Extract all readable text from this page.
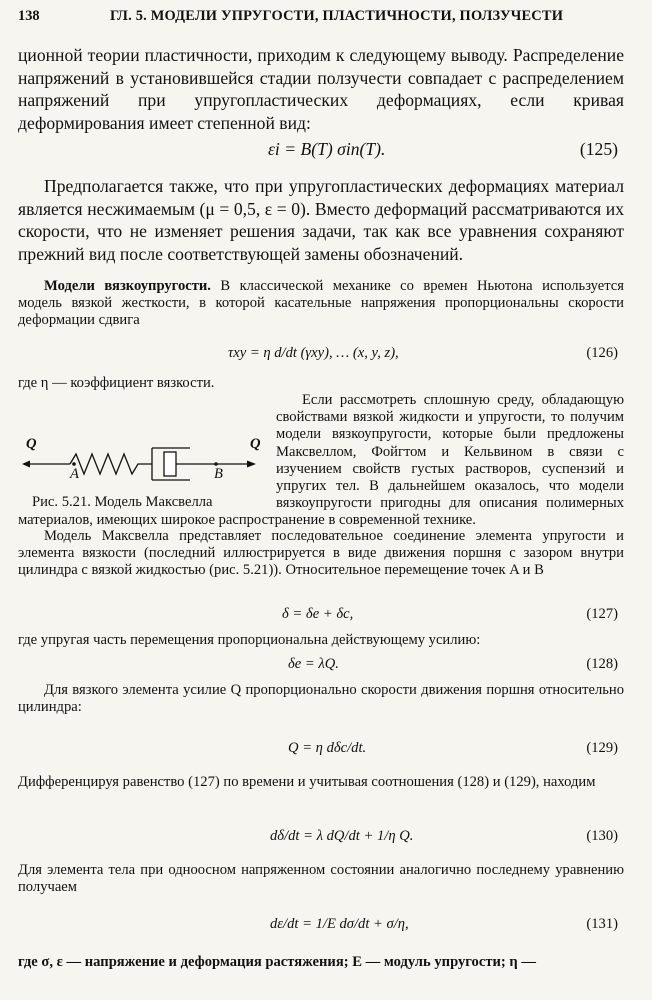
138	ГЛ. 5. МОДЕЛИ УПРУГОСТИ, ПЛАСТИЧНОСТИ, ПОЛЗУЧЕСТИ
ционной теории пластичности, приходим к следующему выводу. Распределение напряжений в установившейся стадии ползучести совпадает с распределением напряжений при упругопластических деформациях, если кривая деформирования имеет степенной вид:
εi = B(T) σin(T).	(125)
Предполагается также, что при упругопластических деформациях материал является несжимаемым (μ = 0,5, ε = 0). Вместо деформаций рассматриваются их скорости, что не изменяет решения задачи, так как все уравнения сохраняют прежний вид после соответствующей замены обозначений.
Модели вязкоупругости. В классической механике со времен Ньютона используется модель вязкой жесткости, в которой касательные напряжения пропорциональны скорости деформации сдвига
τxy = η d/dt (γxy), … (x, y, z),	(126)
где η — коэффициент вязкости.
Если рассмотреть сплошную среду, обладающую свойствами вязкой жидкости и упругости, то получим модели вязкоупругости, которые были предложены Максвеллом, Фойгтом и Кельвином в связи с изучением свойств густых растворов, суспензий и упругих тел. В дальнейшем оказалось, что модели вязкоупругости пригодны для описания полимерных материалов, имеющих широкое распространение в современной технике.
Q
A	B
Q
Рис. 5.21. Модель Максвелла
Модель Максвелла представляет последовательное соединение элемента упругости и элемента вязкости (последний иллюстрируется в виде движения поршня с зазором внутри цилиндра с вязкой жидкостью (рис. 5.21)). Относительное перемещение точек A и B
δ = δe + δc,	(127)
где упругая часть перемещения пропорциональна действующему усилию:
δe = λQ.	(128)
Для вязкого элемента усилие Q пропорционально скорости движения поршня относительно цилиндра:
Q = η dδc/dt.	(129)
Дифференцируя равенство (127) по времени и учитывая соотношения (128) и (129), находим
dδ/dt = λ dQ/dt + 1/η Q.	(130)
Для элемента тела при одноосном напряженном состоянии аналогично последнему уравнению получаем
dε/dt = 1/E dσ/dt + σ/η,	(131)
где σ, ε — напряжение и деформация растяжения; E — модуль упругости; η —
